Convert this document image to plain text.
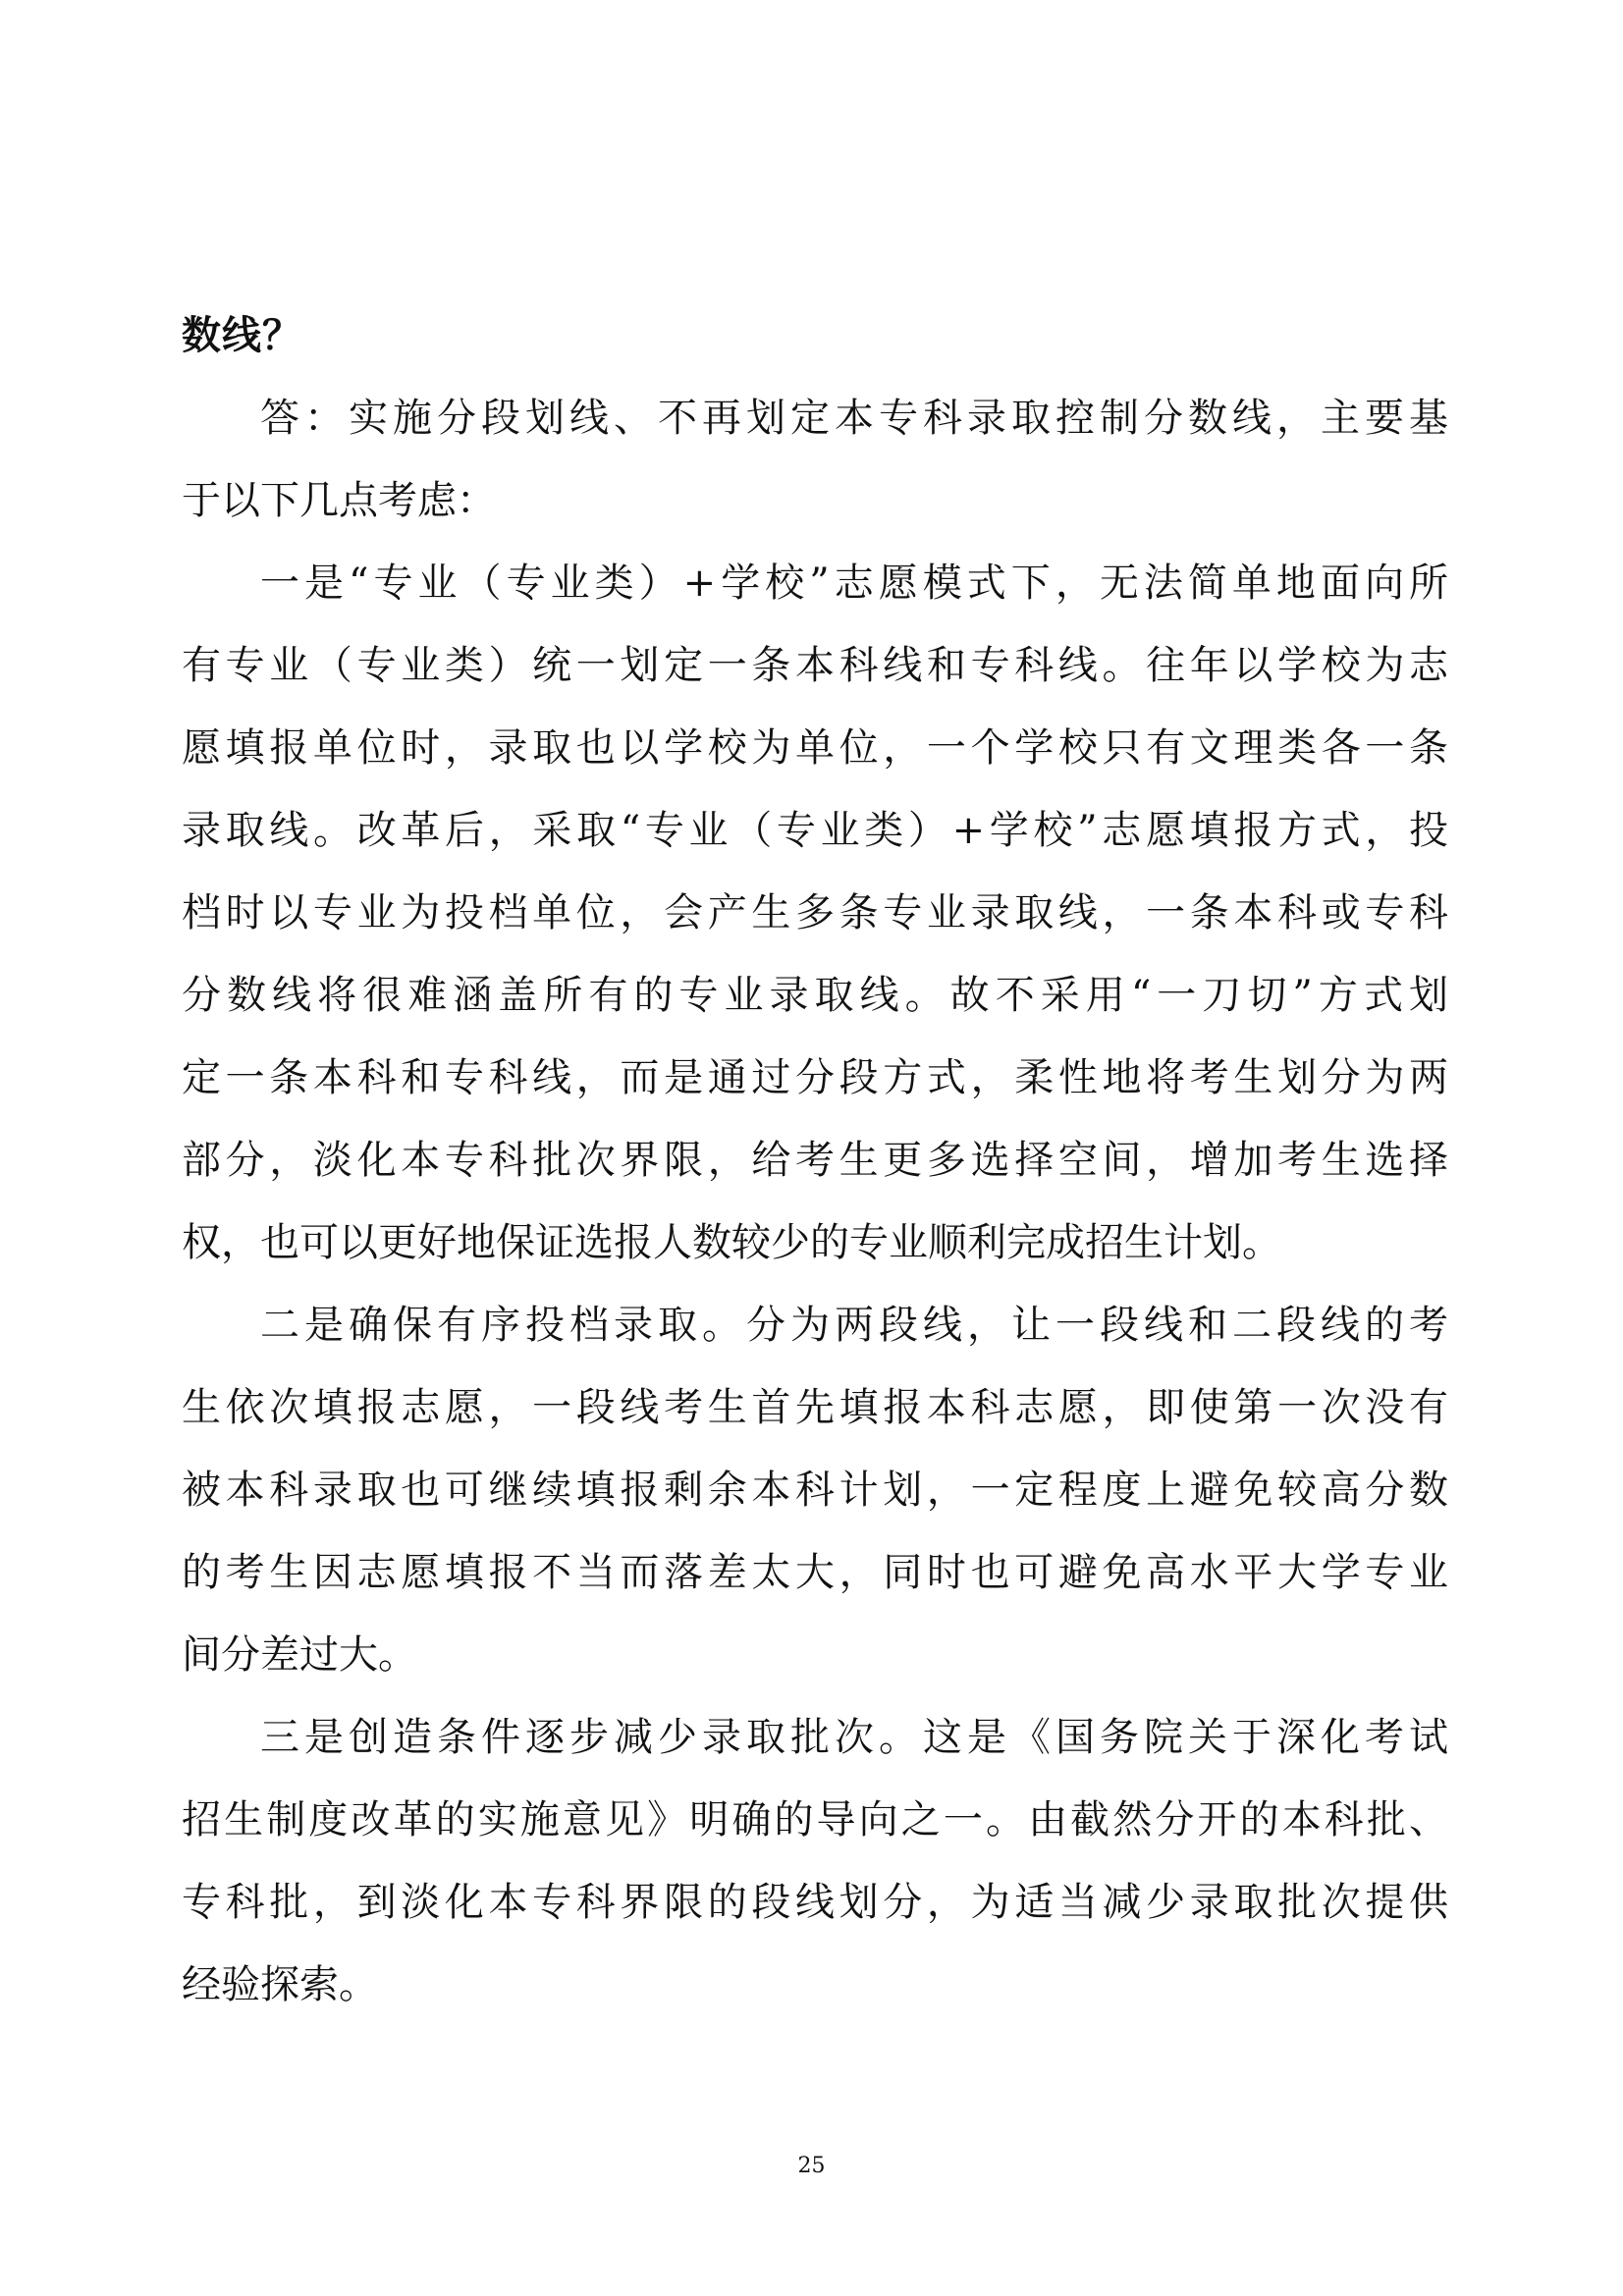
数线？
答：实施分段划线、不再划定本专科录取控制分数线，主要基
于以下几点考虑：
一是“专业（专业类）+学校”志愿模式下，无法简单地面向所
有专业（专业类）统一划定一条本科线和专科线。往年以学校为志
愿填报单位时，录取也以学校为单位，一个学校只有文理类各一条
录取线。改革后，采取“专业（专业类）+学校”志愿填报方式，投
档时以专业为投档单位，会产生多条专业录取线，一条本科或专科
分数线将很难涵盖所有的专业录取线。故不采用“一刀切”方式划
定一条本科和专科线，而是通过分段方式，柔性地将考生划分为两
部分，淡化本专科批次界限，给考生更多选择空间，增加考生选择
权，也可以更好地保证选报人数较少的专业顺利完成招生计划。
二是确保有序投档录取。分为两段线，让一段线和二段线的考
生依次填报志愿，一段线考生首先填报本科志愿，即使第一次没有
被本科录取也可继续填报剩余本科计划，一定程度上避免较高分数
的考生因志愿填报不当而落差太大，同时也可避免高水平大学专业
间分差过大。
三是创造条件逐步减少录取批次。这是《国务院关于深化考试
招生制度改革的实施意见》明确的导向之一。由截然分开的本科批、
专科批，到淡化本专科界限的段线划分，为适当减少录取批次提供
经验探索。
25
